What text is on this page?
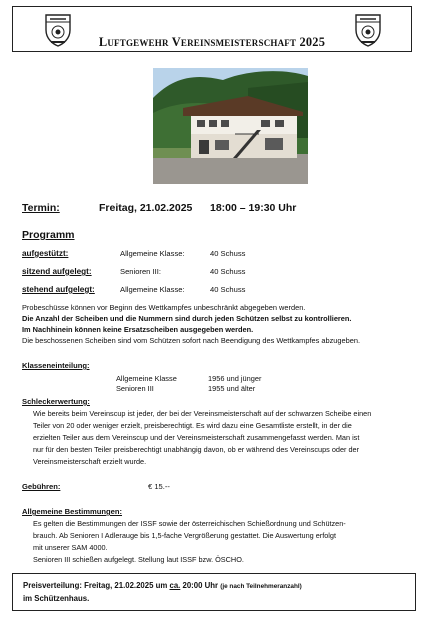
Luftgewehr Vereinsmeisterschaft 2025
Termin:	Freitag, 21.02.2025 18:00 – 19:30 Uhr
Programm
aufgestützt:	Allgemeine Klasse:	40 Schuss
sitzend aufgelegt:	Senioren III:	40 Schuss
stehend aufgelegt:	Allgemeine Klasse:	40 Schuss
Probeschüsse können vor Beginn des Wettkampfes unbeschränkt abgegeben werden.
Die Anzahl der Scheiben und die Nummern sind durch jeden Schützen selbst zu kontrollieren.
Im Nachhinein können keine Ersatzscheiben ausgegeben werden.
Die beschossenen Scheiben sind vom Schützen sofort nach Beendigung des Wettkampfes abzugeben.
Klasseneinteilung:
Allgemeine Klasse	1956 und jünger
Senioren III	1955 und älter
Schleckerwertung:
Wie bereits beim Vereinscup ist jeder, der bei der Vereinsmeisterschaft auf der schwarzen Scheibe einen
Teiler von 20 oder weniger erzielt, preisberechtigt. Es wird dazu eine Gesamtliste erstellt, in der die
erzielten Teiler aus dem Vereinscup und der Vereinsmeisterschaft zusammengefasst werden. Man ist
nur für den besten Teiler preisberechtigt unabhängig davon, ob er während des Vereinscups oder der
Vereinsmeisterschaft erzielt wurde.
Gebühren:	€ 15.--
Allgemeine Bestimmungen:
Es gelten die Bestimmungen der ISSF sowie der österreichischen Schießordnung und Schützen-
brauch. Ab Senioren I Adlerauge bis 1,5-fache Vergrößerung gestattet. Die Auswertung erfolgt
mit unserer SAM 4000.
Senioren III schießen aufgelegt. Stellung laut ISSF bzw. ÖSCHO.
Preisverteilung: Freitag, 21.02.2025 um ca. 20:00 Uhr (je nach Teilnehmeranzahl)
im Schützenhaus.
